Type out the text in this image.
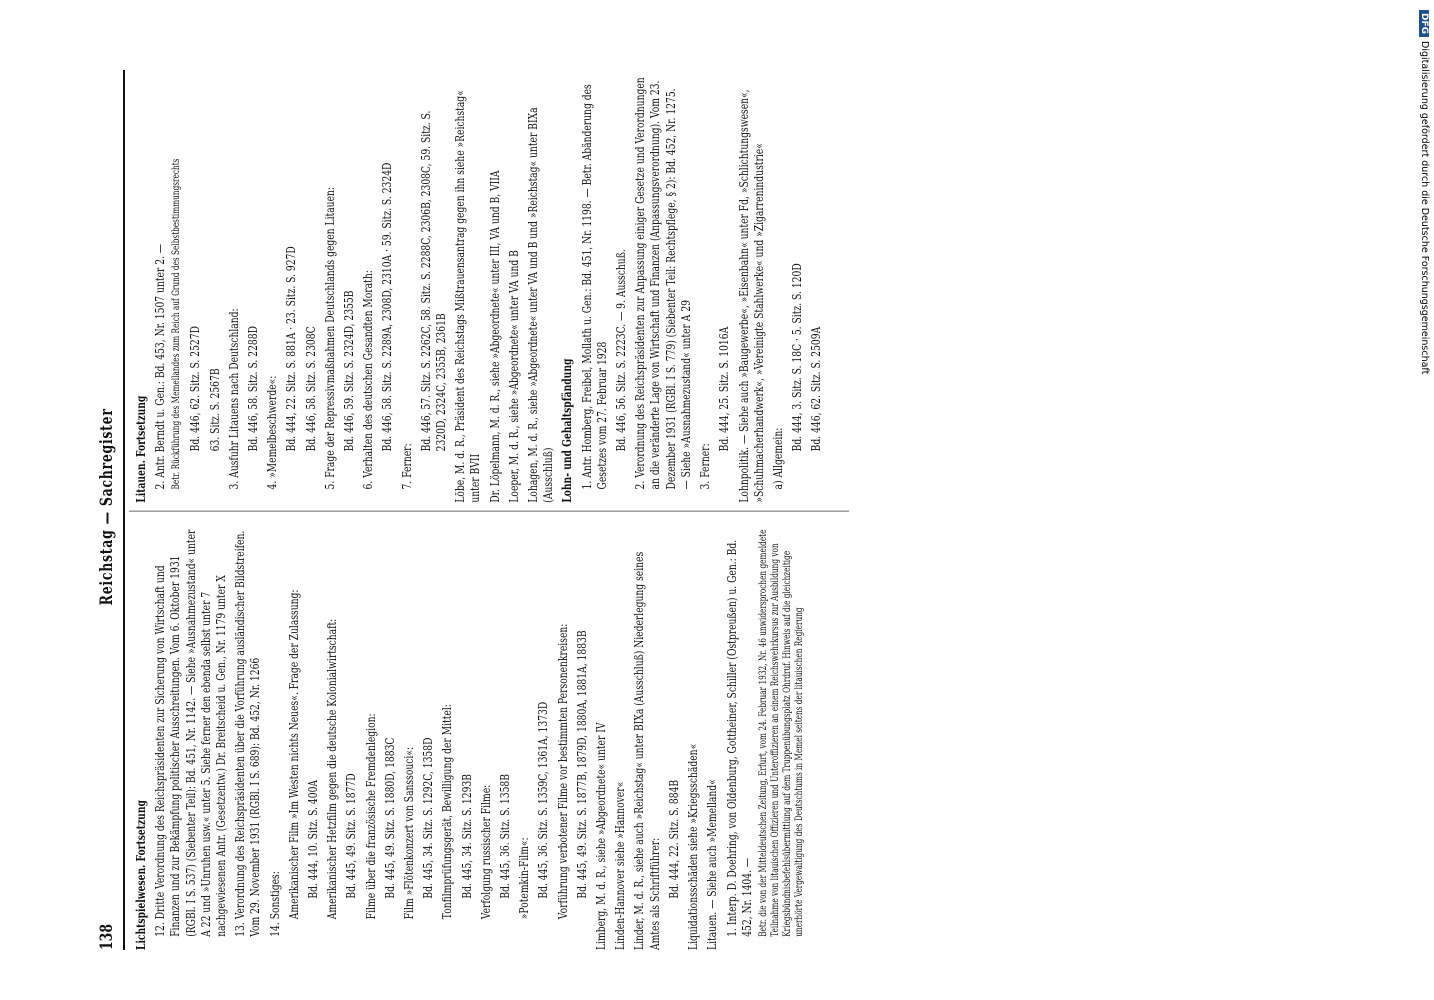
DFGDigitalisierung gefördert durch die Deutsche Forschungsgemeinschaft
138
Reichstag — Sachregister

Lichtspielwesen. Fortsetzung 12. Dritte Verordnung des Reichspräsidenten zur Sicherung von Wirtschaft und Finanzen und zur Bekämpfung politischer Ausschreitungen. Vom 6. Oktober 1931 (RGBl. I S. 537) (Siebenter Teil): Bd. 451, Nr. 1142. — Siehe »Ausnahmezustand« unter A 22 und »Unruhen usw.« unter 5. Siehe ferner den ebenda selbst unter 7 nachgewiesenen Antr. (Gesetzentw.) Dr. Breitscheid u. Gen., Nr. 1179 unter X 13. Verordnung des Reichspräsidenten über die Vorführung ausländischer Bildstreifen. Vom 29. November 1931 (RGBl. I S. 689): Bd. 452, Nr. 1266 14. Sonstiges: Amerikanischer Film »Im Westen nichts Neues«. Frage der Zulassung: Bd. 444, 10. Sitz. S. 400A Amerikanischer Hetzfilm gegen die deutsche Kolonialwirtschaft: Bd. 445, 49. Sitz. S. 1877D Filme über die französische Fremdenlegion: Bd. 445, 49. Sitz. S. 1880D, 1883C Film »Flötenkonzert von Sanssouci«: Bd. 445, 34. Sitz. S. 1292C, 1358D Tonfilmprüfungsgerät, Bewilligung der Mittel: Bd. 445, 34. Sitz. S. 1293B Verfolgung russischer Filme: Bd. 445, 36. Sitz. S. 1358B »Potemkin-Film«: Bd. 445, 36. Sitz. S. 1359C, 1361A, 1373D Vorführung verbotener Filme vor bestimmten Personenkreisen: Bd. 445, 49. Sitz. S. 1877B, 1879D, 1880A, 1881A, 1883B Limberg, M. d. R., siehe »Abgeordnete« unter IV Linden-Hannover siehe »Hannover« Linder, M. d. R., siehe auch »Reichstag« unter BIXa (Ausschluß) Niederlegung seines Amtes als Schriftführer: Bd. 444, 22. Sitz. S. 884B Liquidationsschäden siehe »Kriegsschäden« Litauen. — Siehe auch »Memelland« 1. Interp. D. Doehring, von Oldenburg, Gottheiner, Schiller (Ostpreußen) u. Gen.: Bd. 452, Nr. 1404. — Betr. die von der Mitteldeutschen Zeitung, Erfurt, vom 24. Februar 1932, Nr. 46 unwidersprochen gemeldete Teilnahme von litauischen Offizieren und Unteroffizieren an einem Reichswehrkursus zur Ausbildung von Kriegsbündnisbefehlsübermittlung auf dem Truppenübungsplatz Ohrdruf. Hinweis auf die gleichzeitige unerhörte Vergewaltigung des Deutschtums in Memel seitens der litauischen Regierung

Litauen. Fortsetzung 2. Antr. Berndt u. Gen.: Bd. 453, Nr. 1507 unter 2. — Betr. Rückführung des Memellandes zum Reich auf Grund des Selbstbestimmungsrechts Bd. 446, 62. Sitz. S. 2527D 63. Sitz. S. 2567B 3. Ausfuhr Litauens nach Deutschland: Bd. 446, 58. Sitz. S. 2288D 4. »Memelbeschwerde«: Bd. 444, 22. Sitz. S. 881A · 23. Sitz. S. 927D Bd. 446, 58. Sitz. S. 2308C 5. Frage der Repressivmaßnahmen Deutschlands gegen Litauen: Bd. 446, 59. Sitz. S. 2324D, 2355B 6. Verhalten des deutschen Gesandten Morath: Bd. 446, 58. Sitz. S. 2289A, 2308D, 2310A · 59. Sitz. S. 2324D

7. Ferner:

Bd. 446, 57. Sitz. S. 2262C, 58. Sitz. S. 2288C, 2306B, 2308C, 59. Sitz. S. 2320D, 2324C, 2355B, 2361B Löbe, M. d. R., Präsident des Reichstags Mißtrauensantrag gegen ihn siehe »Reichstag« unter BVII Dr. Löpelmann, M. d. R., siehe »Abgeordnete« unter III, VA und B, VIIA Loeper, M. d. R., siehe »Abgeordnete« unter VA und B Lohagen, M. d. R., siehe »Abgeordnete« unter VA und B und »Reichstag« unter BIXa (Ausschluß) Lohn- und Gehaltspfändung 1. Antr. Homberg, Freibel, Mollath u. Gen.: Bd. 451, Nr. 1198. — Betr. Abänderung des Gesetzes vom 27. Februar 1928 Bd. 446, 56. Sitz. S. 2223C. — 9. Ausschuß. 2. Verordnung des Reichspräsidenten zur Anpassung einiger Gesetze und Verordnungen an die veränderte Lage von Wirtschaft und Finanzen (Anpassungsverordnung). Vom 23. Dezember 1931 (RGBl. I S. 779) (Siebenter Teil: Rechtspflege, § 2): Bd. 452, Nr. 1275. — Siehe »Ausnahmezustand« unter A 29 3. Ferner:

Bd. 444, 25. Sitz. S. 1016A Lohnpolitik. — Siehe auch »Baugewerbe«, »Eisenbahn« unter Fd, »Schlichtungswesen«, »Schuhmacherhandwerk«, »Vereinigte Stahlwerke« und »Zigarrenindustrie« a) Allgemein:

Bd. 444, 3. Sitz. S. 18C · 5. Sitz. S. 120D Bd. 446, 62. Sitz. S. 2509A
